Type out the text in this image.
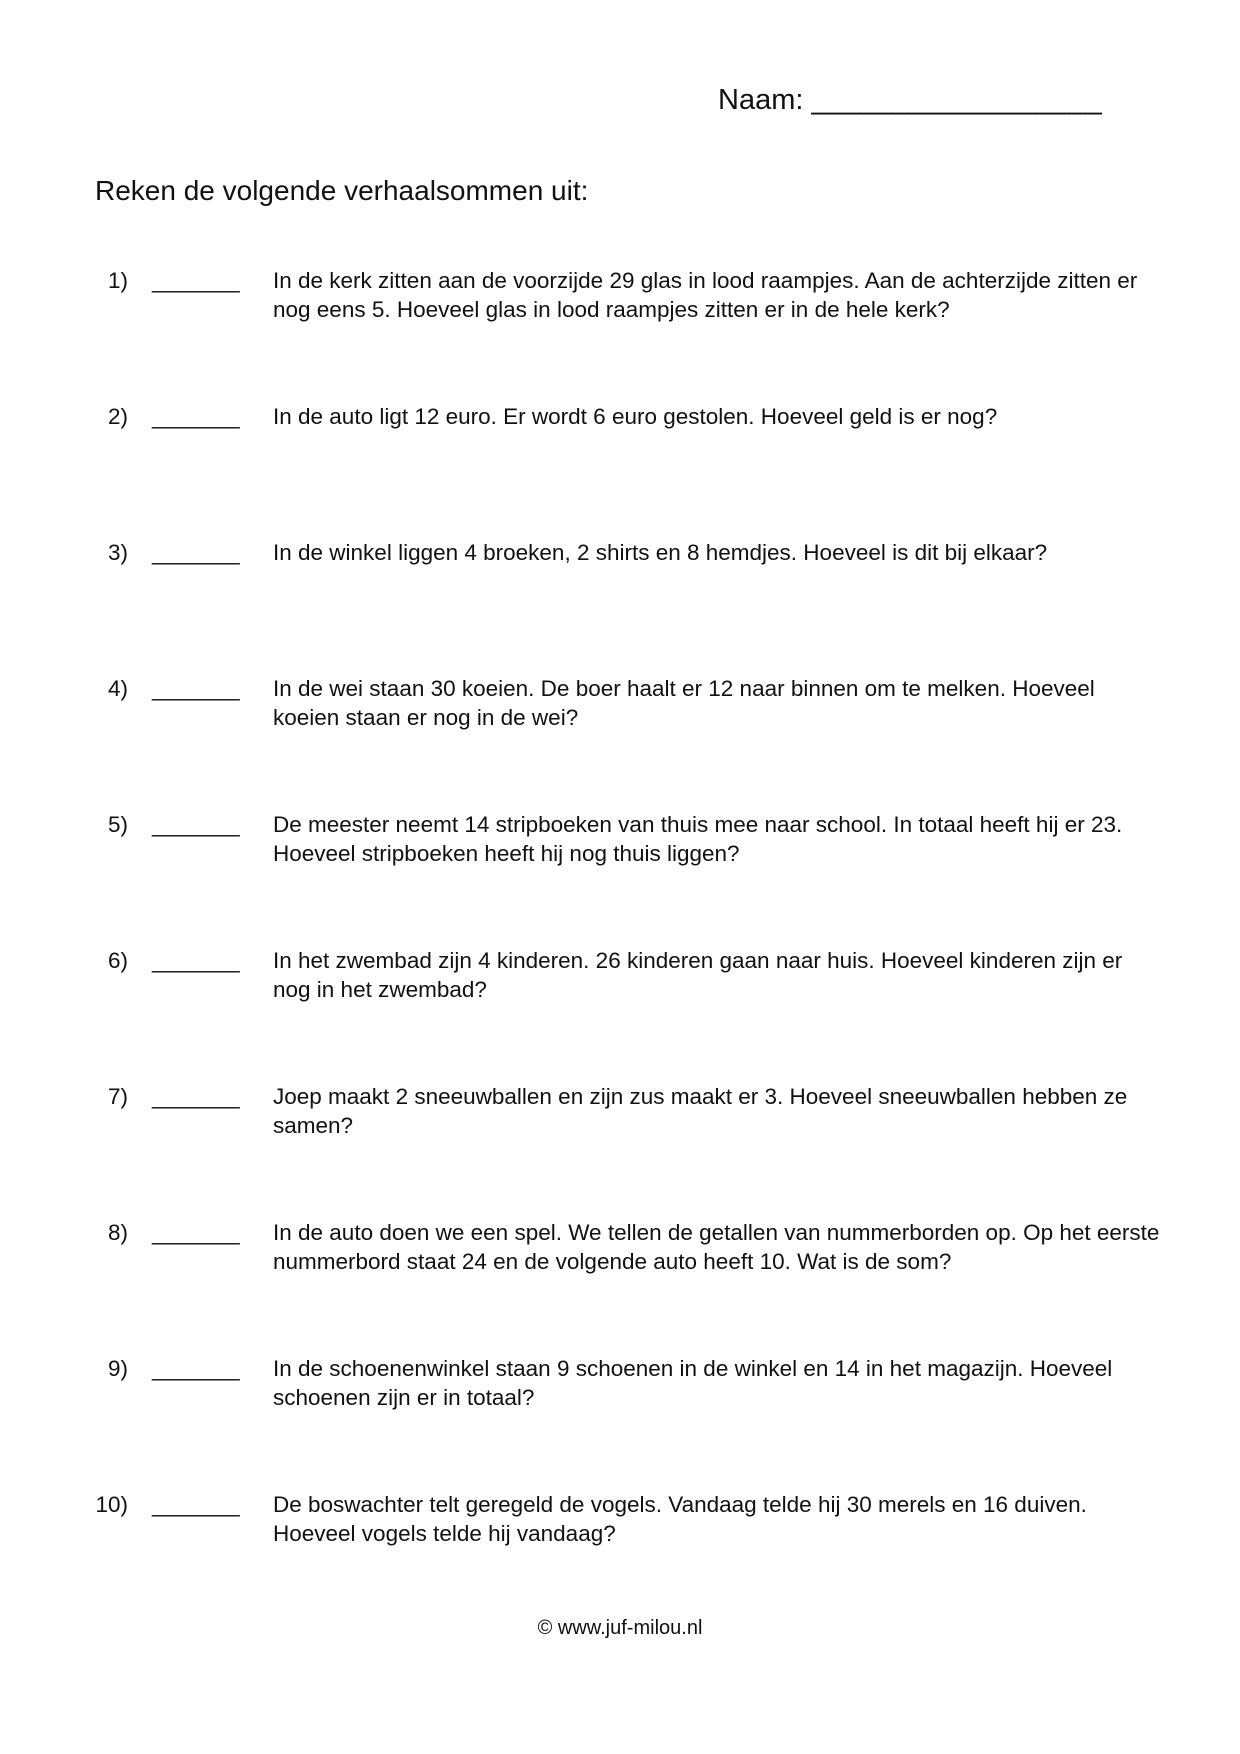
Naam: __________________
Reken de volgende verhaalsommen uit:
1) _______ In de kerk zitten aan de voorzijde 29 glas in lood raampjes. Aan de achterzijde zitten er nog eens 5. Hoeveel glas in lood raampjes zitten er in de hele kerk?
2) _______ In de auto ligt 12 euro. Er wordt 6 euro gestolen. Hoeveel geld is er nog?
3) _______ In de winkel liggen 4 broeken, 2 shirts en 8 hemdjes. Hoeveel is dit bij elkaar?
4) _______ In de wei staan 30 koeien. De boer haalt er 12 naar binnen om te melken. Hoeveel koeien staan er nog in de wei?
5) _______ De meester neemt 14 stripboeken van thuis mee naar school. In totaal heeft hij er 23. Hoeveel stripboeken heeft hij nog thuis liggen?
6) _______ In het zwembad zijn 4 kinderen. 26 kinderen gaan naar huis. Hoeveel kinderen zijn er nog in het zwembad?
7) _______ Joep maakt 2 sneeuwballen en zijn zus maakt er 3. Hoeveel sneeuwballen hebben ze samen?
8) _______ In de auto doen we een spel. We tellen de getallen van nummerborden op. Op het eerste nummerbord staat 24 en de volgende auto heeft 10. Wat is de som?
9) _______ In de schoenenwinkel staan 9 schoenen in de winkel en 14 in het magazijn. Hoeveel schoenen zijn er in totaal?
10) _______ De boswachter telt geregeld de vogels. Vandaag telde hij 30 merels en 16 duiven. Hoeveel vogels telde hij vandaag?
© www.juf-milou.nl
